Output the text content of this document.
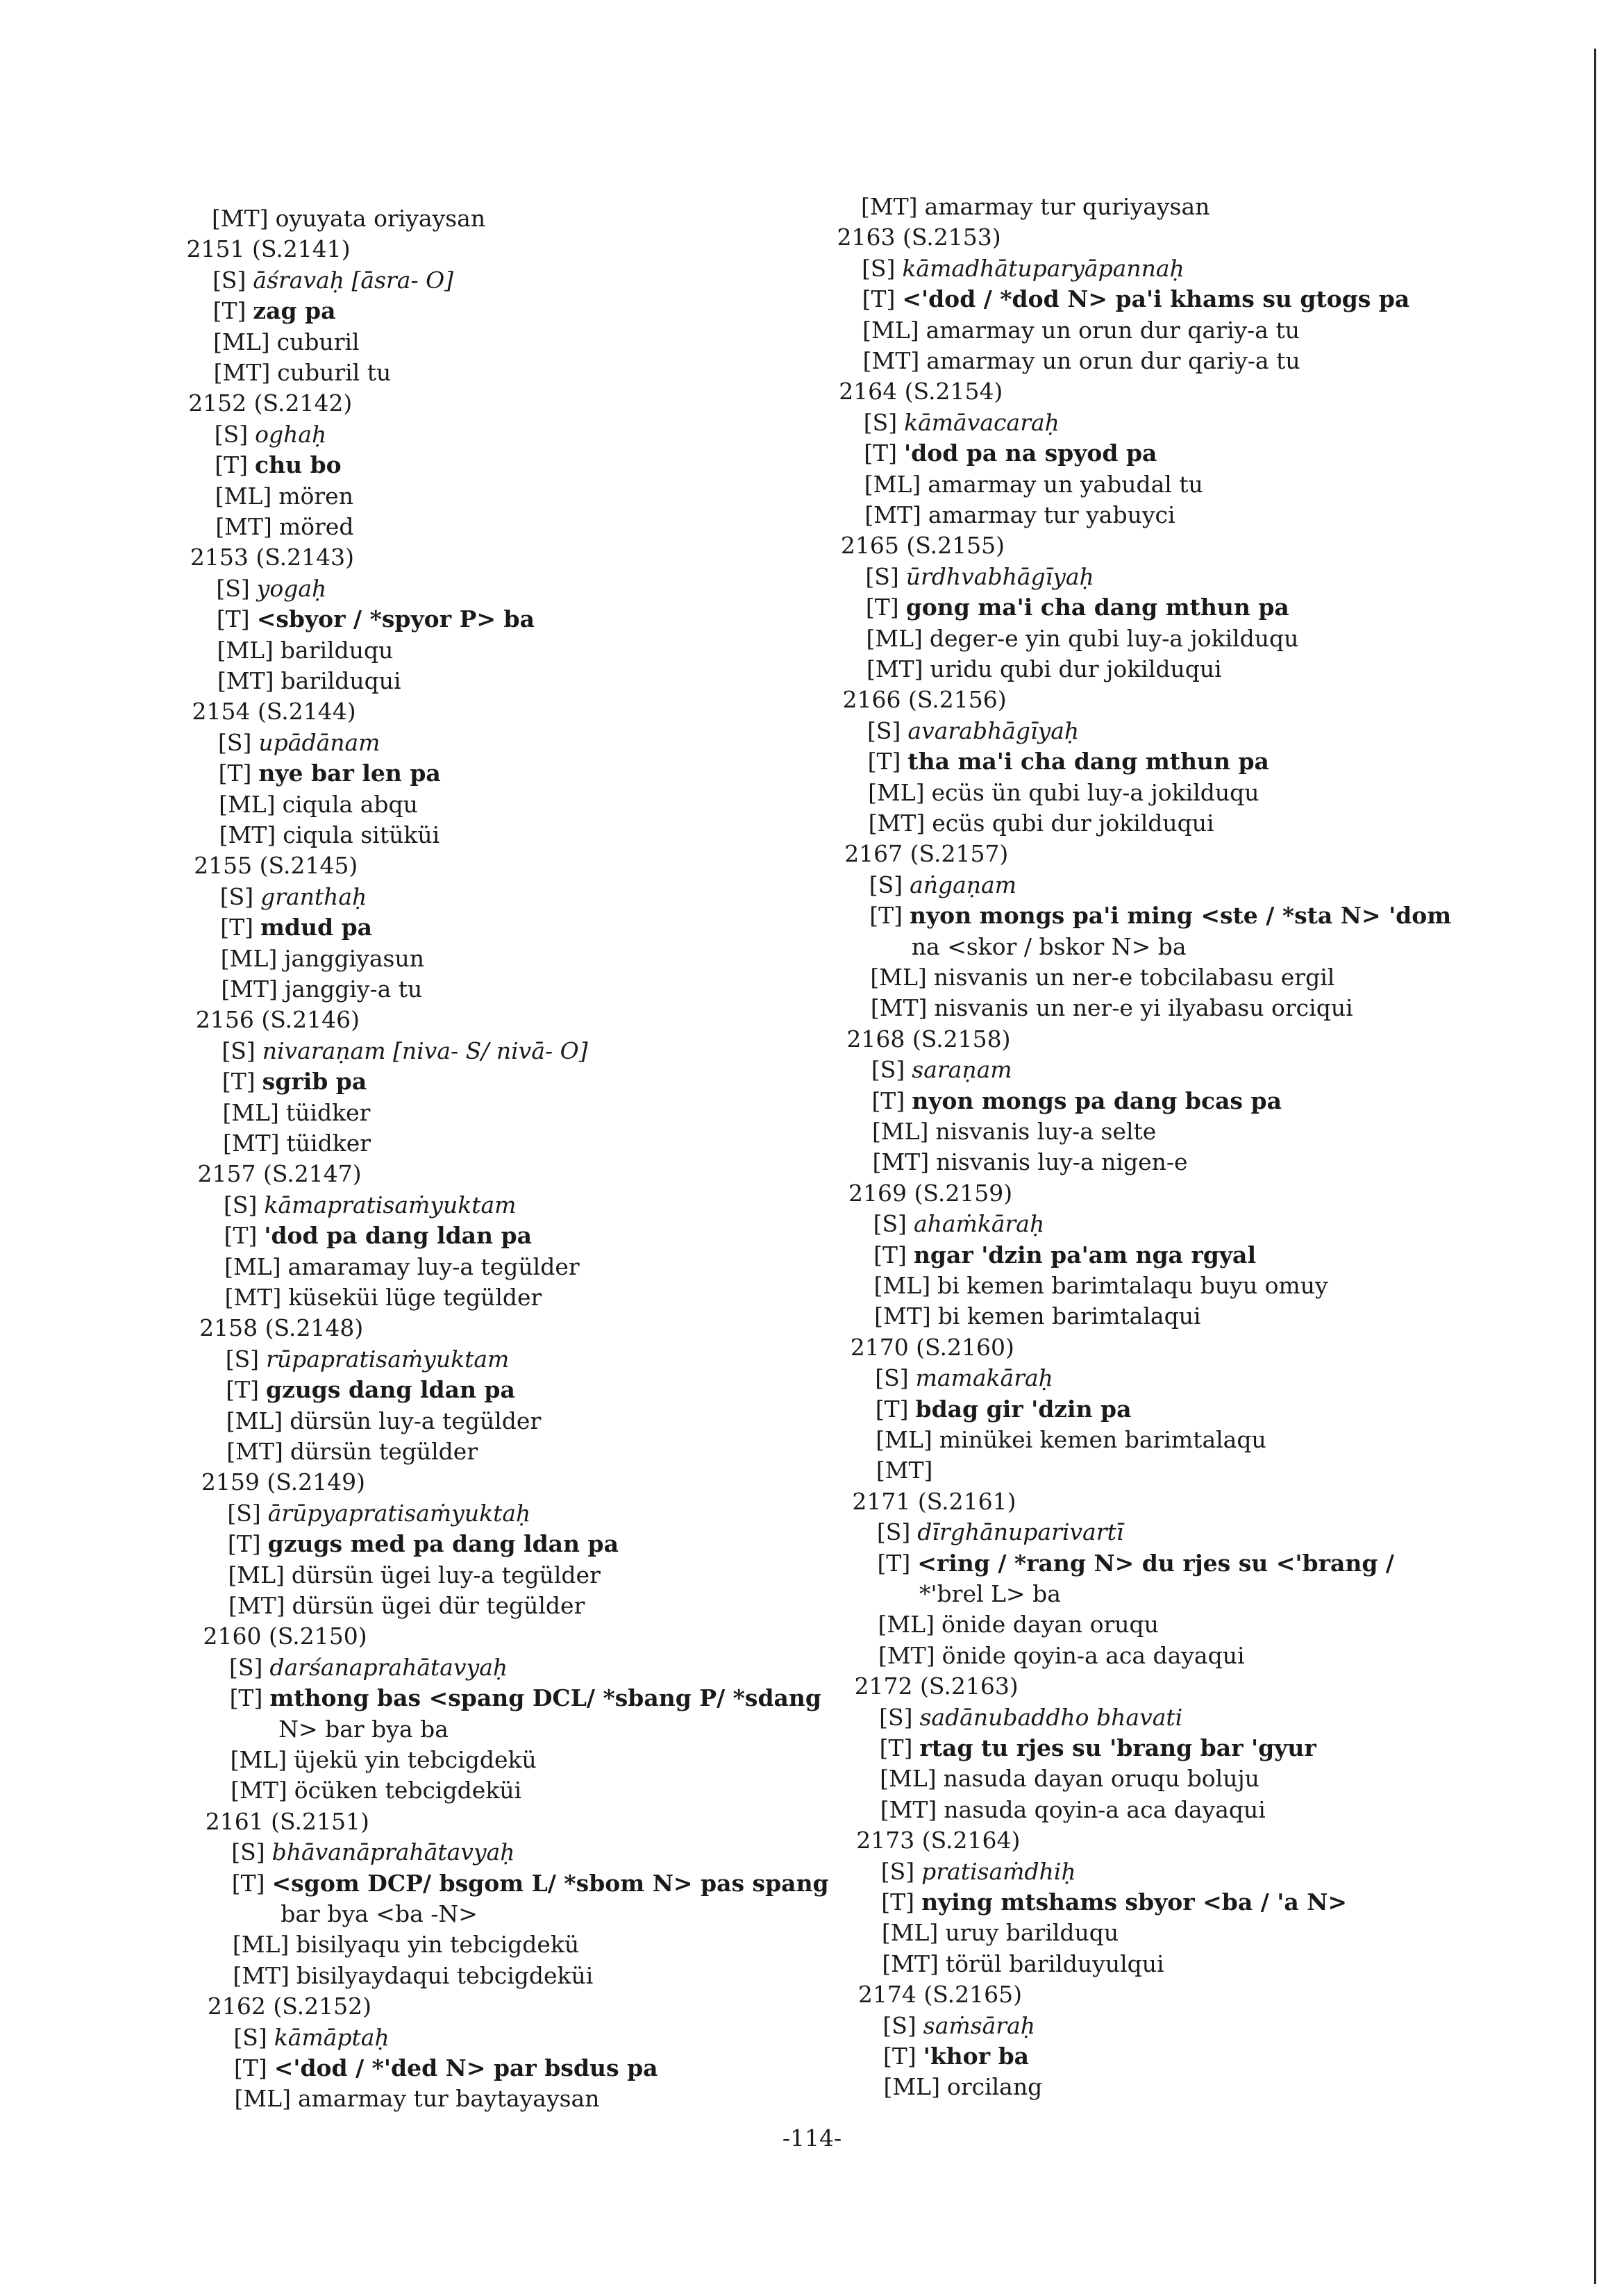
[MT] oyuyata oriyaysan
2151 (S.2141)
[S] āśravaḥ [āsra- O]
[T] zag pa
[ML] cuburil
[MT] cuburil tu
2152 (S.2142)
[S] oghaḥ
[T] chu bo
[ML] mören
[MT] möred
2153 (S.2143)
[S] yogaḥ
[T] <sbyor / *spyor P> ba
[ML] barilduqu
[MT] barilduqui
2154 (S.2144)
[S] upādānam
[T] nye bar len pa
[ML] ciqula abqu
[MT] ciqula sitüküi
2155 (S.2145)
[S] granthaḥ
[T] mdud pa
[ML] janggiyasun
[MT] janggiy-a tu
2156 (S.2146)
[S] nivaraṇam [niva- S/ nivā- O]
[T] sgrib pa
[ML] tüidker
[MT] tüidker
2157 (S.2147)
[S] kāmapratisaṁyuktam
[T] 'dod pa dang ldan pa
[ML] amaramay luy-a tegülder
[MT] küseküi lüge tegülder
2158 (S.2148)
[S] rūpapratisaṁyuktam
[T] gzugs dang ldan pa
[ML] dürsün luy-a tegülder
[MT] dürsün tegülder
2159 (S.2149)
[S] ārūpyapratisaṁyuktaḥ
[T] gzugs med pa dang ldan pa
[ML] dürsün ügei luy-a tegülder
[MT] dürsün ügei dür tegülder
2160 (S.2150)
[S] darśanaprahātavyaḥ
[T] mthong bas <spang DCL/ *sbang P/ *sdang
N> bar bya ba
[ML] üjekü yin tebcigdekü
[MT] öcüken tebcigdeküi
2161 (S.2151)
[S] bhāvanāprahātavyaḥ
[T] <sgom DCP/ bsgom L/ *sbom N> pas spang
bar bya <ba -N>
[ML] bisilyaqu yin tebcigdekü
[MT] bisilyaydaqui tebcigdeküi
2162 (S.2152)
[S] kāmāptaḥ
[T] <'dod / *'ded N> par bsdus pa
[ML] amarmay tur baytayaysan
[MT] amarmay tur quriyaysan
2163 (S.2153)
[S] kāmadhātuparyāpannaḥ
[T] <'dod / *dod N> pa'i khams su gtogs pa
[ML] amarmay un orun dur qariy-a tu
[MT] amarmay un orun dur qariy-a tu
2164 (S.2154)
[S] kāmāvacaraḥ
[T] 'dod pa na spyod pa
[ML] amarmay un yabudal tu
[MT] amarmay tur yabuyci
2165 (S.2155)
[S] ūrdhvabhāgīyaḥ
[T] gong ma'i cha dang mthun pa
[ML] deger-e yin qubi luy-a jokilduqu
[MT] uridu qubi dur jokilduqui
2166 (S.2156)
[S] avarabhāgīyaḥ
[T] tha ma'i cha dang mthun pa
[ML] ecüs ün qubi luy-a jokilduqu
[MT] ecüs qubi dur jokilduqui
2167 (S.2157)
[S] aṅgaṇam
[T] nyon mongs pa'i ming <ste / *sta N> 'dom
na <skor / bskor N> ba
[ML] nisvanis un ner-e tobcilabasu ergil
[MT] nisvanis un ner-e yi ilyabasu orciqui
2168 (S.2158)
[S] saraṇam
[T] nyon mongs pa dang bcas pa
[ML] nisvanis luy-a selte
[MT] nisvanis luy-a nigen-e
2169 (S.2159)
[S] ahaṁkāraḥ
[T] ngar 'dzin pa'am nga rgyal
[ML] bi kemen barimtalaqu buyu omuy
[MT] bi kemen barimtalaqui
2170 (S.2160)
[S] mamakāraḥ
[T] bdag gir 'dzin pa
[ML] minükei kemen barimtalaqu
[MT]
2171 (S.2161)
[S] dīrghānuparivartī
[T] <ring / *rang N> du rjes su <'brang /
*'brel L> ba
[ML] önide dayan oruqu
[MT] önide qoyin-a aca dayaqui
2172 (S.2163)
[S] sadānubaddho bhavati
[T] rtag tu rjes su 'brang bar 'gyur
[ML] nasuda dayan oruqu boluju
[MT] nasuda qoyin-a aca dayaqui
2173 (S.2164)
[S] pratisaṁdhiḥ
[T] nying mtshams sbyor <ba / 'a N>
[ML] uruy barilduqu
[MT] törül barilduyulqui
2174 (S.2165)
[S] saṁsāraḥ
[T] 'khor ba
[ML] orcilang
-114-
